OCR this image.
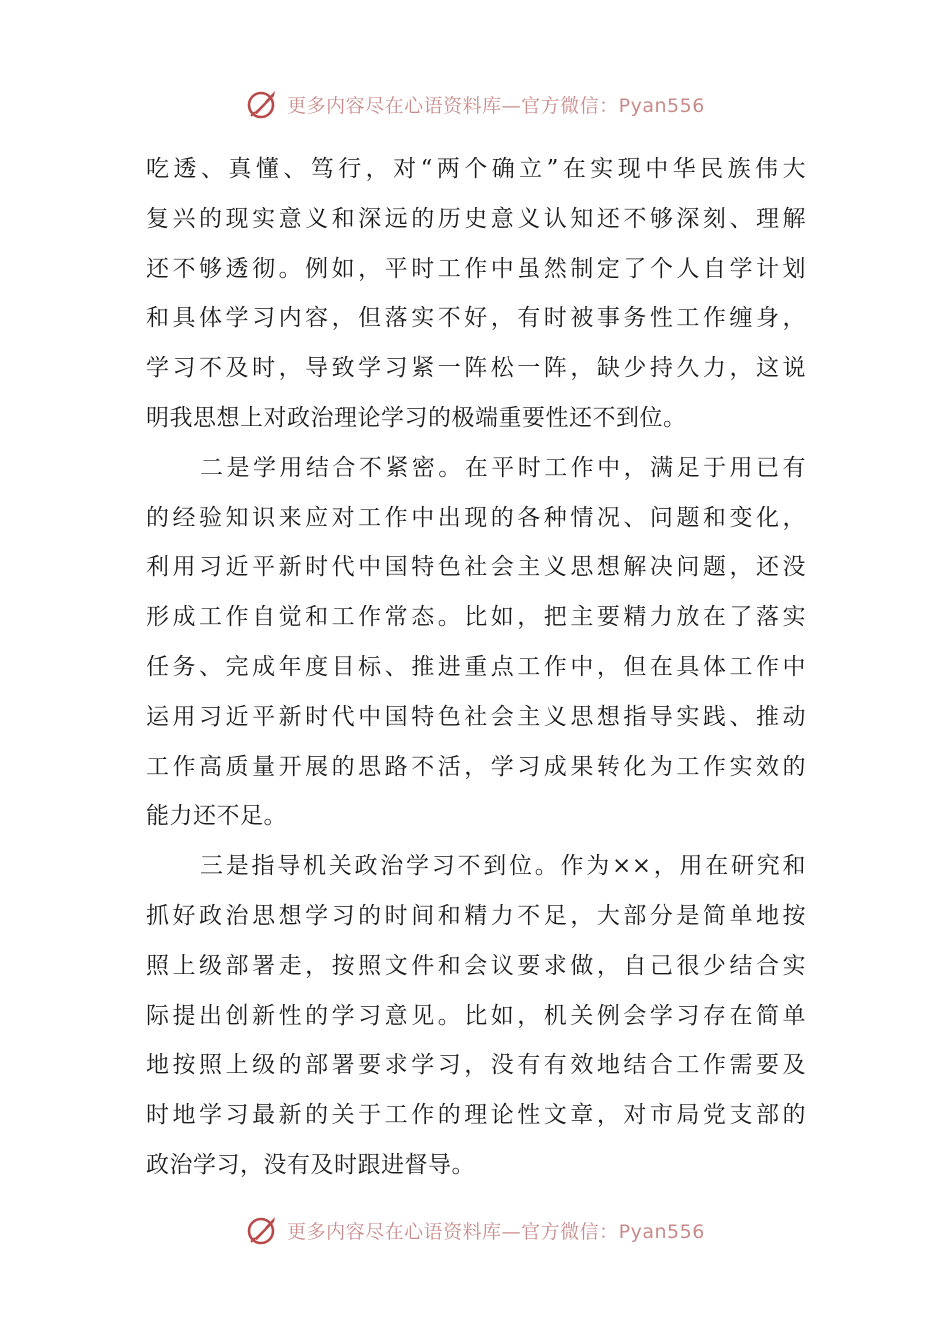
更多内容尽在心语资料库—官方微信：Pyan556
吃透、真懂、笃行，对“两个确立”在实现中华民族伟大
复兴的现实意义和深远的历史意义认知还不够深刻、理解
还不够透彻。例如，平时工作中虽然制定了个人自学计划
和具体学习内容，但落实不好，有时被事务性工作缠身，
学习不及时，导致学习紧一阵松一阵，缺少持久力，这说
明我思想上对政治理论学习的极端重要性还不到位。
二是学用结合不紧密。在平时工作中，满足于用已有
的经验知识来应对工作中出现的各种情况、问题和变化，
利用习近平新时代中国特色社会主义思想解决问题，还没
形成工作自觉和工作常态。比如，把主要精力放在了落实
任务、完成年度目标、推进重点工作中，但在具体工作中
运用习近平新时代中国特色社会主义思想指导实践、推动
工作高质量开展的思路不活，学习成果转化为工作实效的
能力还不足。
三是指导机关政治学习不到位。作为××，用在研究和
抓好政治思想学习的时间和精力不足，大部分是简单地按
照上级部署走，按照文件和会议要求做，自己很少结合实
际提出创新性的学习意见。比如，机关例会学习存在简单
地按照上级的部署要求学习，没有有效地结合工作需要及
时地学习最新的关于工作的理论性文章，对市局党支部的
政治学习，没有及时跟进督导。
更多内容尽在心语资料库—官方微信：Pyan556
